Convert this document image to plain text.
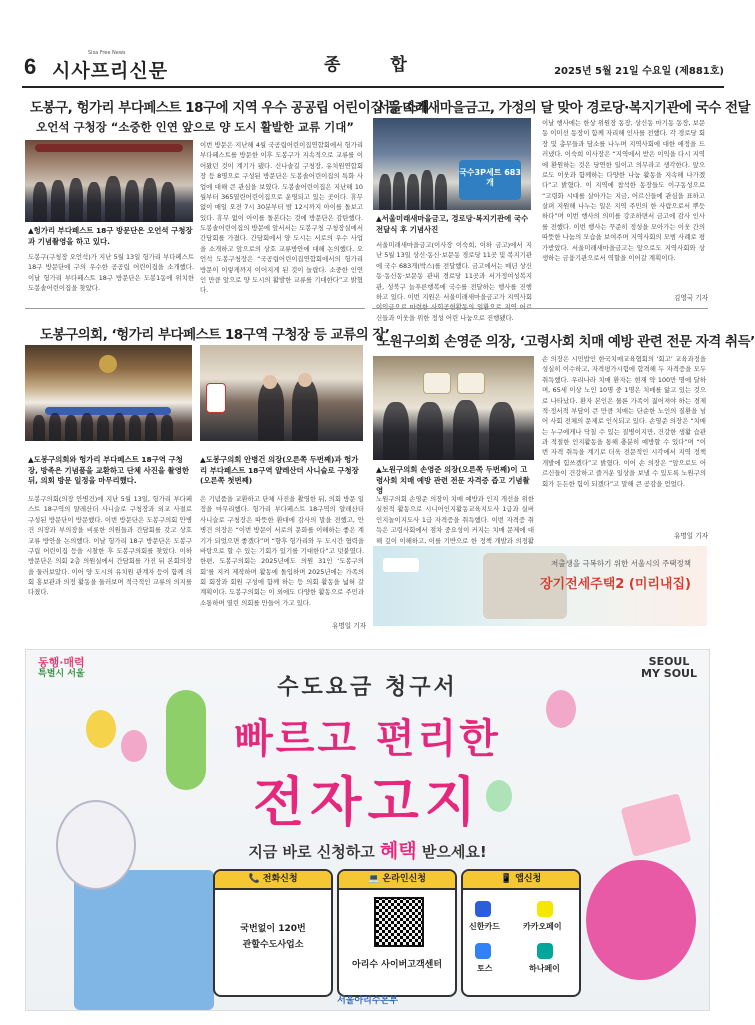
6 시사프리신문
Sisa Free News
종 합	2025년 5월 21일 수요일 (제881호)
도봉구, 헝가리 부다페스트 18구에 지역 우수 공공립 어린이집 등 소개
오언석 구청장 “소중한 인연 앞으로 양 도시 활발한 교류 기대”
▲헝가리 부다페스트 18구 방문단은 오언석 구청장과 기념촬영을 하고 있다.
도봉구(구청장 오언석)가 지난 5월 13일 헝가리 부다페스트 18구 방문단에 구의 우수한 공공립 어린이집을 소개했다. 이날 헝가리 부다페스트 18구 방문단은 도봉1동에 위치한 도봉솔어린이집을 찾았다.
이번 방문은 지난해 4월 국공립어린이집연합회에서 헝가리 부다페스트를 방문한 이후 도봉구가 지속적으로 교류를 이어왔던 것이 계기가 됐다. 신나솔길 구청장, 유치원연합회장 등 8명으로 구성된 방문단은 도봉솔어린이집의 특화 사업에 대해 큰 관심을 보였다. 도봉솔어린이집은 지난해 10월부터 365열린어린이집으로 운영되고 있는 곳이다. 휴무 없이 매일 오전 7시 30분부터 밤 12시까지 아이를 돌보고 있다. 휴무 없이 아이를 돌본다는 것에 방문단은 감탄했다. 도봉솔어린이집의 방문에 앞서서는 도봉구청 구청장실에서 간담회를 가졌다. 간담회에서 양 도시는 서로의 우수 사업을 소개하고 앞으로의 상호 교류방안에 대해 논의했다. 오언석 도봉구청장은 “국공립어린이집연합회에서의 헝가리 방문이 이렇게까지 이어지게 된 것이 놀랍다. 소중한 인연인 만큼 앞으로 양 도시의 활발한 교류를 기대한다”고 밝혔다.
서울미래새마을금고, 가정의 달 맞아 경로당·복지기관에 국수 전달
국수3P세트 683개
▲서울미래새마을금고, 경로당·복지기관에 국수 전달식 후 기념사진
서울미래새마을금고(이사장 이숙희, 이하 금고)에서 지난 5월 13일 상신·동신·보문동 경로당 11곳 및 복지기관에 국수 683개(박스)를 전달했다. 금고에서는 매년 상신동·동신동·보문동 관내 경로당 11곳과 서가정여성복지관, 성북구 늘푸른행복에 국수를 전달하는 행사를 진행하고 있다. 이번 지원은 서울미래새마을금고가 지역사회 신들과 이웃을 위한 정성 어린 나눔으로 진행됐다.
이날 행사에는 한상 위원장 동장, 상신동 마기동 동장, 보문동 이미선 동장이 함께 자리해 인사를 전했다. 각 경로당 회장 및 총무들과 담소를 나누며 지역사회에 대한 애정을 드러냈다. 이숙희 이사장은 “지역에서 받은 이익을 다시 지역에 환원하는 것은 당연한 일이고 의무라고 생각한다. 앞으로도 이웃과 함께하는 다양한 나눔 활동을 지속해 나가겠다”고 밝혔다. 이 지역에 참석한 동장들도 이구동성으로 “고령화 시대를 살아가는 지금, 어르신들에 관심을 표하고 살펴 지원해 나누는 일은 지역 주민의 한 사람으로서 뿌듯하다”며 이번 행사의 의미를 강조하면서 금고에 감사 인사를 전했다. 이번 행사는 꾸준히 정성을 모아가는 이웃 간의 따뜻한 나눔의 모습을 보여주며 지역사회의 모범 사례로 평가받았다. 서울미래새마을금고는 앞으로도 지역사회와 상생하는 금융기관으로서 역할을 이어갈 계획이다.
김영국 기자
도봉구의회, ‘헝가리 부다페스트 18구역 구청장 등 교류의 장’
▲도봉구의회와 헝가리 부다페스트 18구역 구청장, 방족은 기념품을 교환하고 단체 사진을 촬영한 뒤, 의회 방문 일정을 마무리했다.
▲도봉구의회 안병건 의장(오른쪽 두번째)과 헝가리 부다페스트 18구역 얄레산더 사니슬로 구청장(오른쪽 첫번째)
도봉구의회(의장 안병건)에 지난 5월 13일, 헝가리 부다페스트 18구역의 얄레산더 사니슬로 구청장과 외교 사절로 구성된 방문단이 방문했다. 이번 방문단은 도봉구의회 안병건 의장과 부의장을 비롯한 의원들과 간담회를 갖고 상호 교류 방안을 논의했다. 이날 헝가리 18구 방문단은 도봉구 구립 어린이집 등을 시찰한 후 도봉구의회를 찾았다. 이하 방문단은 의회 2층 의원실에서 간담회를 가진 뒤 본회의장을 둘러보았다. 이어 양 도시의 유치원 관계자 등이 함께 의회 홍보관과 의정 활동을 둘러보며 적극적인 교류의 의지를 다졌다.
은 기념품을 교환하고 단체 사진을 촬영한 뒤, 의회 방문 일정을 마무리했다. 헝가리 부다페스트 18구역의 얄레산더 사니슬로 구청장은 따뜻한 환대에 감사의 말을 전했고, 안병건 의장은 “이번 방문이 서로의 문화를 이해하는 좋은 계기가 되었으면 좋겠다”며 “향후 헝가리와 두 도시간 협력을 바탕으로 할 수 있는 기회가 있기를 기대한다”고 덧붙였다. 한편, 도봉구의회는 2025년에도 의원 31인 ‘도봉구의회’를 지켜 제작하며 활동에 돌입하며 2025년에는 가족의회 회장과 회원 구성에 함께 하는 등 의회 활동을 넓혀 갈 계획이다. 도봉구의회는 이 외에도 다양한 활동으로 주민과 소통하며 열린 의회를 만들어 가고 있다.
유명일 기자
노원구의회 손영준 의장, ‘고령사회 치매 예방 관련 전문 자격 취득’
▲노원구의회 손영준 의장(오른쪽 두번째)이 고령사회 치매 예방 관련 전문 자격증 즙고 기념촬영
노원구의회 손영준 의장이 치매 예방과 인지 개선을 위한 실천적 활동으로 시니어인지활동교육지도사 1급과 실버인지놀이지도사 1급 자격증을 취득했다. 이번 자격증 취득은 고령사회에서 점차 중요성이 커지는 치매 문제에 대해 깊이 이해하고, 이를 기반으로 한 정책 개발과 의정활
손 의장은 시민밥인 한국치매교육협회의 ‘회고’ 교육과정을 성실히 이수하고, 자격평가시험에 합격해 두 자격증을 모두 취득했다. 우리나라 치매 환자는 현재 약 100만 명에 달하며, 65세 이상 노인 10명 중 1명은 치매를 앓고 있는 것으로 나타났다. 환자 본인은 물론 가족이 짊어져야 하는 경제적·정서적 부담이 큰 만큼 치매는 단순한 노인의 질환을 넘어 사회 전체의 문제로 인식되고 있다. 손영준 의장은 “치매는 누구에게나 닥칠 수 있는 질병이지만, 건강한 생활 습관과 적절한 인지활동을 통해 충분히 예방할 수 있다”며 “이번 자격 취득을 계기로 더욱 전문적인 시각에서 지역 정책 개발에 힘쓰겠다”고 밝혔다. 이어 손 의장은 “앞으로도 어르신들이 건강하고 즐거운 일상을 보낼 수 있도록 노원구의회가 든든한 힘이 되겠다”고 말해 큰 공감을 얻었다.
유명일 기자
저출생을 극복하기 위한 서울시의 주택정책
장기전세주택2 (미리내집)
동행·매력
특별시 서울
SEOUL
MY SOUL
수도요금 청구서
빠르고 편리한
전자고지
지금 바로 신청하고 혜택 받으세요!
📞 전화신청
국번없이 120번
관할수도사업소
💻 온라인신청
아리수 사이버고객센터
📱 앱신청
신한카드	카카오페이
토스	하나페이
서울아리수본부
